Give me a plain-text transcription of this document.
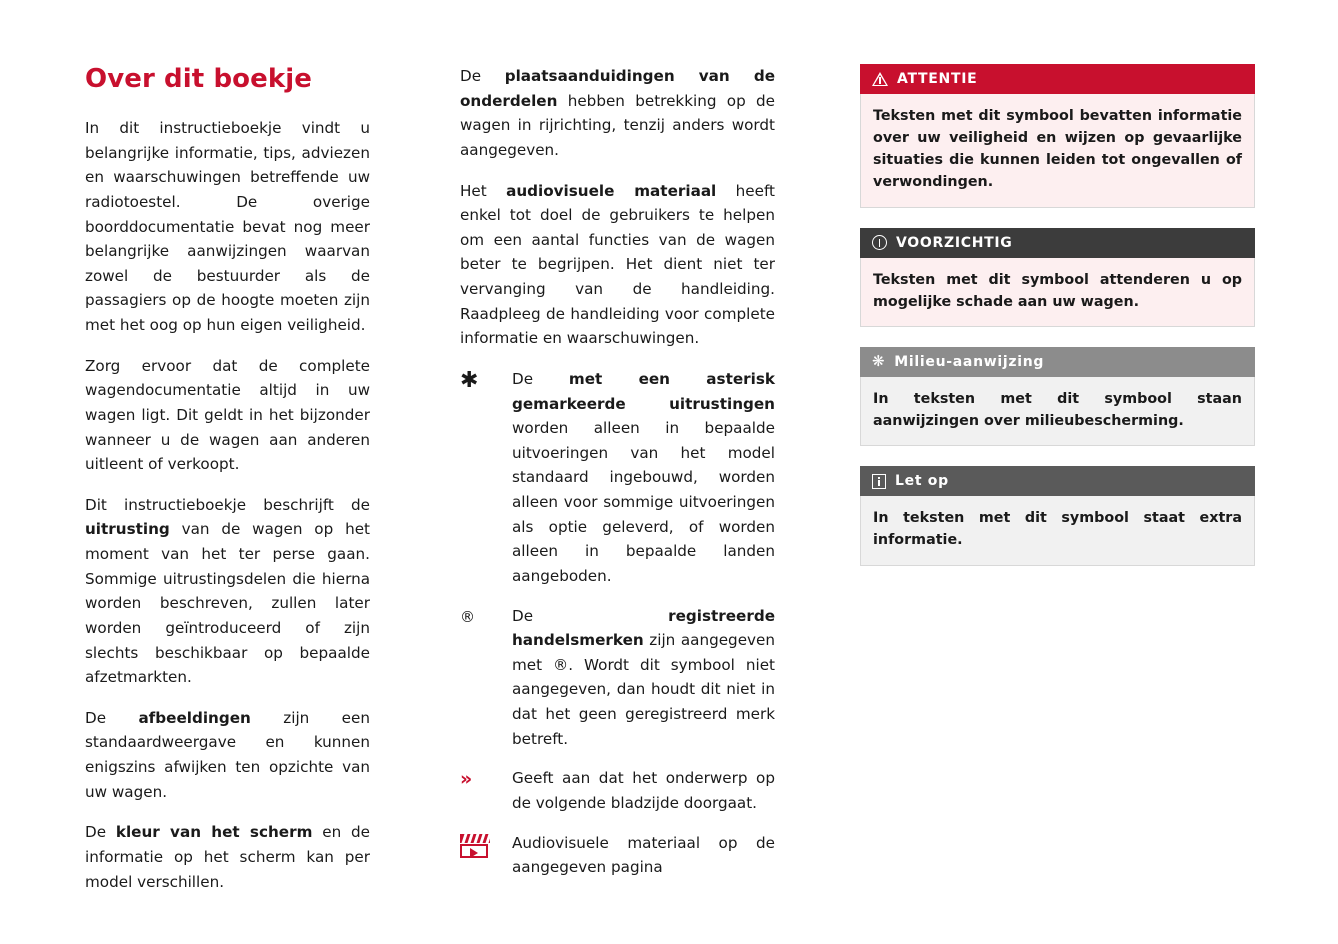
Over dit boekje

In dit instructieboekje vindt u belangrijke informatie, tips, adviezen en waarschuwingen betreffende uw radiotoestel. De overige boorddocumentatie bevat nog meer belangrijke aanwijzingen waarvan zowel de bestuurder als de passagiers op de hoogte moeten zijn met het oog op hun eigen veiligheid.

Zorg ervoor dat de complete wagendocumentatie altijd in uw wagen ligt. Dit geldt in het bijzonder wanneer u de wagen aan anderen uitleent of verkoopt.

Dit instructieboekje beschrijft de uitrusting van de wagen op het moment van het ter perse gaan. Sommige uitrustingsdelen die hierna worden beschreven, zullen later worden geïntroduceerd of zijn slechts beschikbaar op bepaalde afzetmarkten.

De afbeeldingen zijn een standaardweergave en kunnen enigszins afwijken ten opzichte van uw wagen.

De kleur van het scherm en de informatie op het scherm kan per model verschillen.

De plaatsaanduidingen van de onderdelen hebben betrekking op de wagen in rijrichting, tenzij anders wordt aangegeven.

Het audiovisuele materiaal heeft enkel tot doel de gebruikers te helpen om een aantal functies van de wagen beter te begrijpen. Het dient niet ter vervanging van de handleiding. Raadpleeg de handleiding voor complete informatie en waarschuwingen.

✱	De met een asterisk gemarkeerde uitrustingen worden alleen in bepaalde uitvoeringen van het model standaard ingebouwd, worden alleen voor sommige uitvoeringen als optie geleverd, of worden alleen in bepaalde landen aangeboden.
®	De registreerde handelsmerken zijn aangegeven met ®. Wordt dit symbool niet aangegeven, dan houdt dit niet in dat het geen geregistreerd merk betreft.
»	Geeft aan dat het onderwerp op de volgende bladzijde doorgaat.
Audiovisuele materiaal op de aangegeven pagina
ATTENTIE
Teksten met dit symbool bevatten informatie over uw veiligheid en wijzen op gevaarlijke situaties die kunnen leiden tot ongevallen of verwondingen.
VOORZICHTIG
Teksten met dit symbool attenderen u op mogelijke schade aan uw wagen.
❋ Milieu-aanwijzing
In teksten met dit symbool staan aanwijzingen over milieubescherming.
Let op
In teksten met dit symbool staat extra informatie.
